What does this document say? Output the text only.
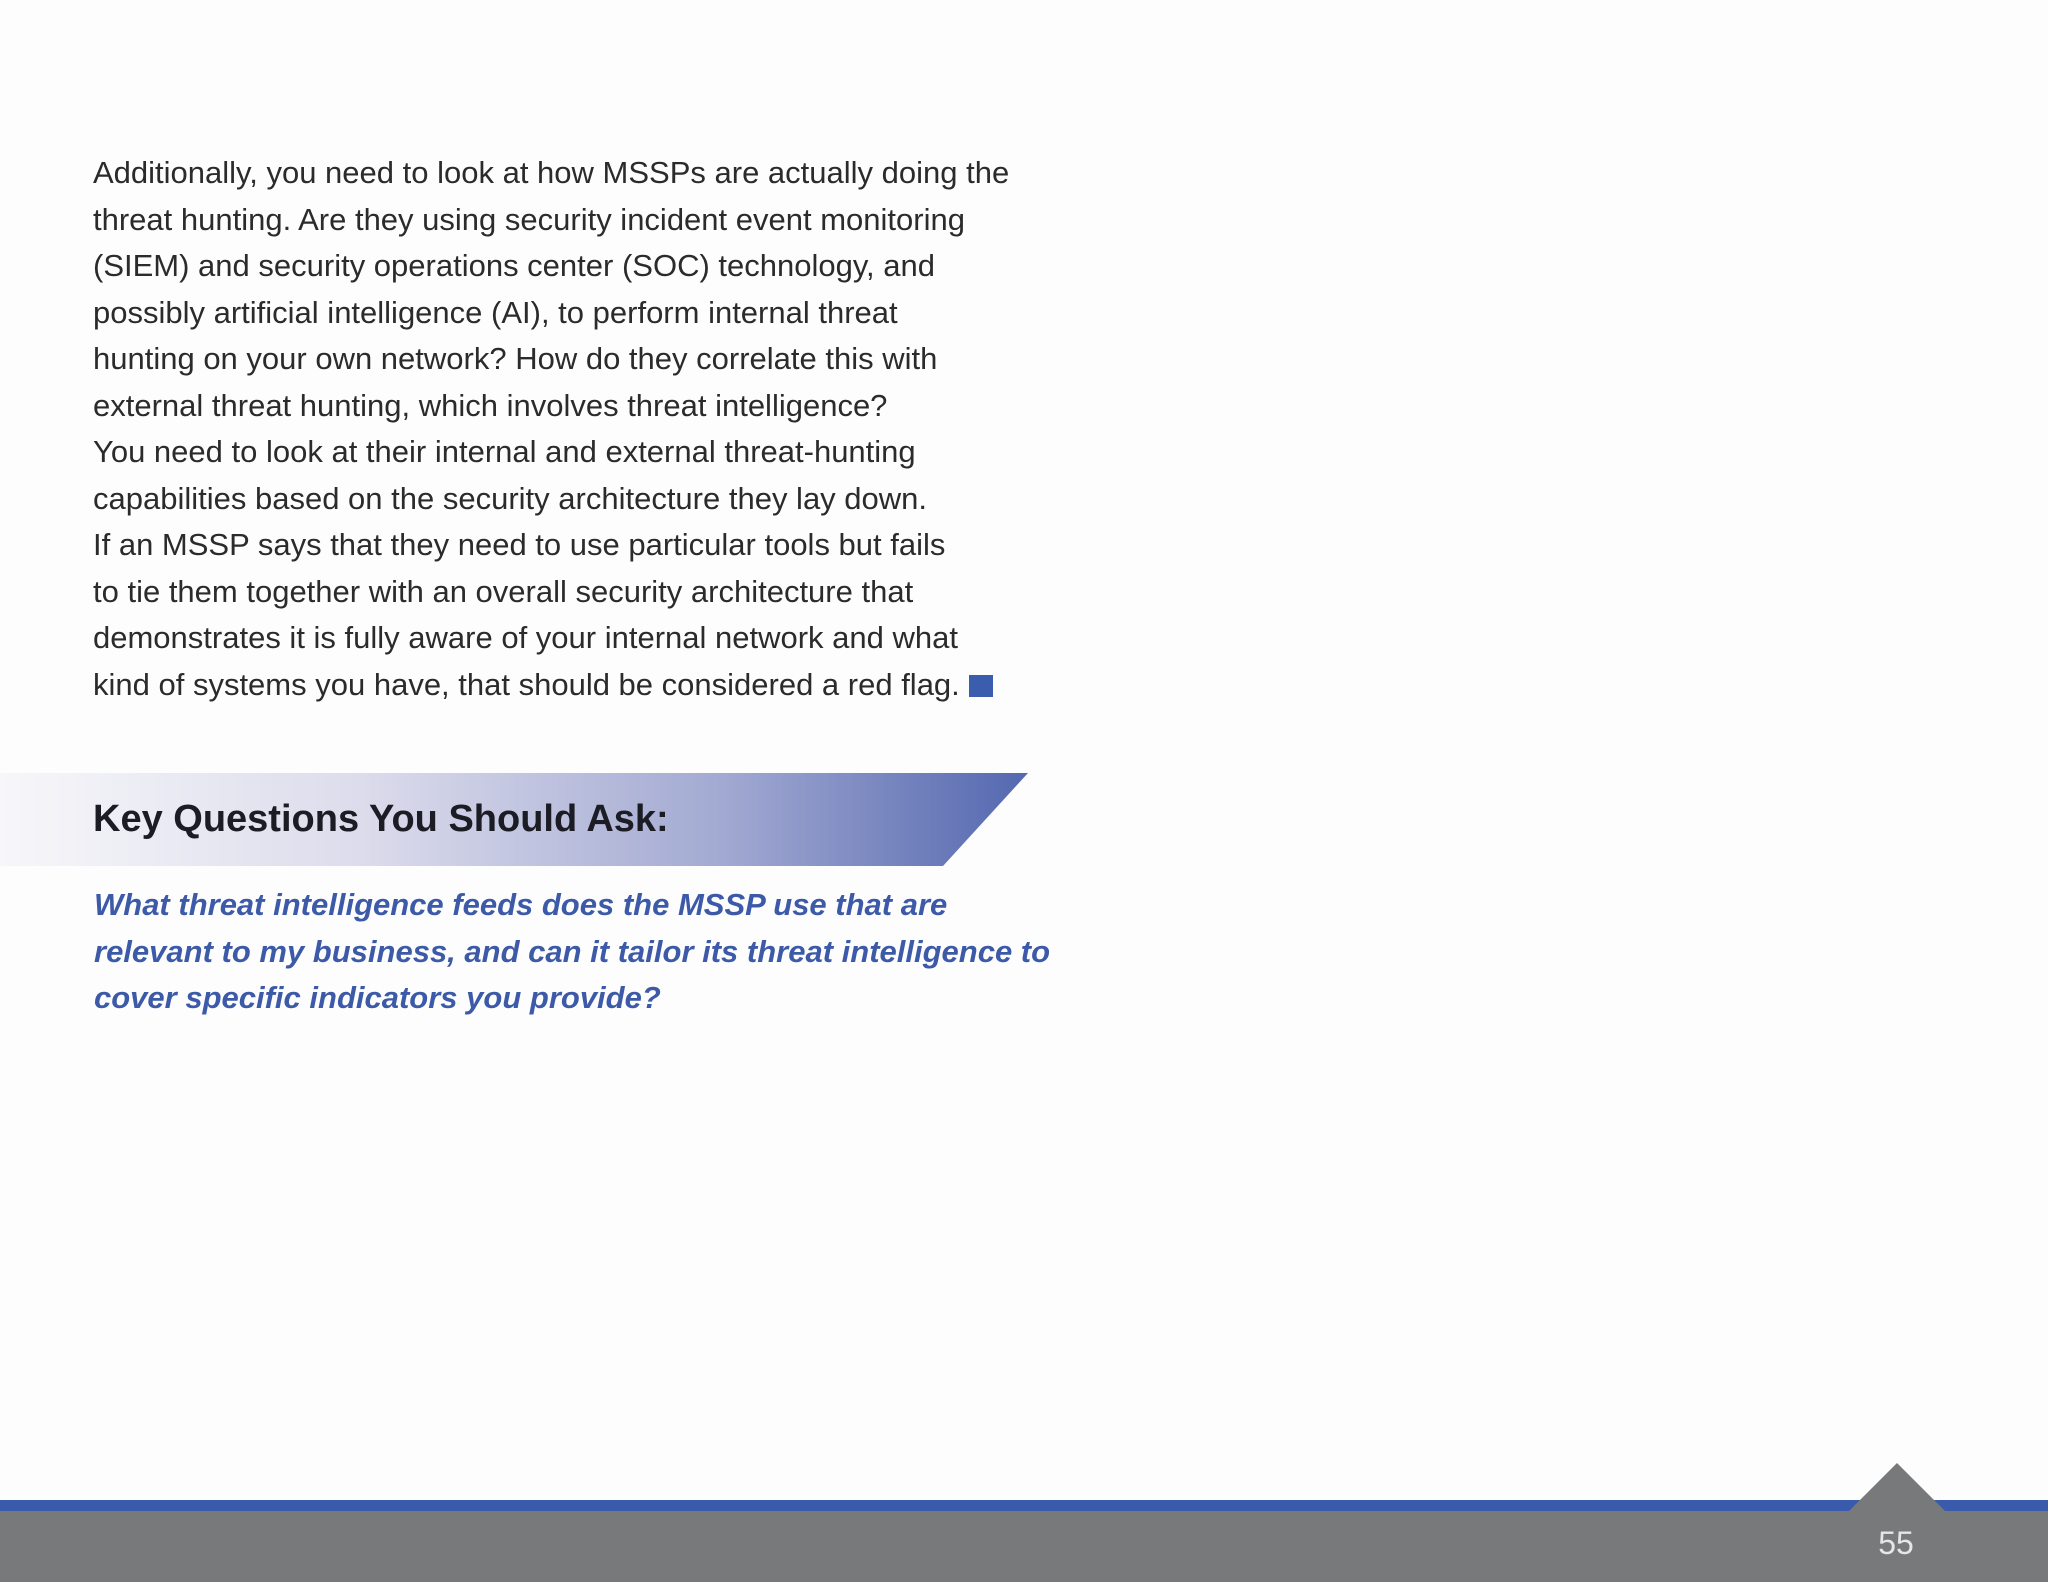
Additionally, you need to look at how MSSPs are actually doing the
threat hunting. Are they using security incident event monitoring
(SIEM) and security operations center (SOC) technology, and
possibly artificial intelligence (AI), to perform internal threat
hunting on your own network? How do they correlate this with
external threat hunting, which involves threat intelligence?
You need to look at their internal and external threat-hunting
capabilities based on the security architecture they lay down.
If an MSSP says that they need to use particular tools but fails
to tie them together with an overall security architecture that
demonstrates it is fully aware of your internal network and what
kind of systems you have, that should be considered a red flag.

Key Questions You Should Ask:

What threat intelligence feeds does the MSSP use that are
relevant to my business, and can it tailor its threat intelligence to
cover specific indicators you provide?

55
